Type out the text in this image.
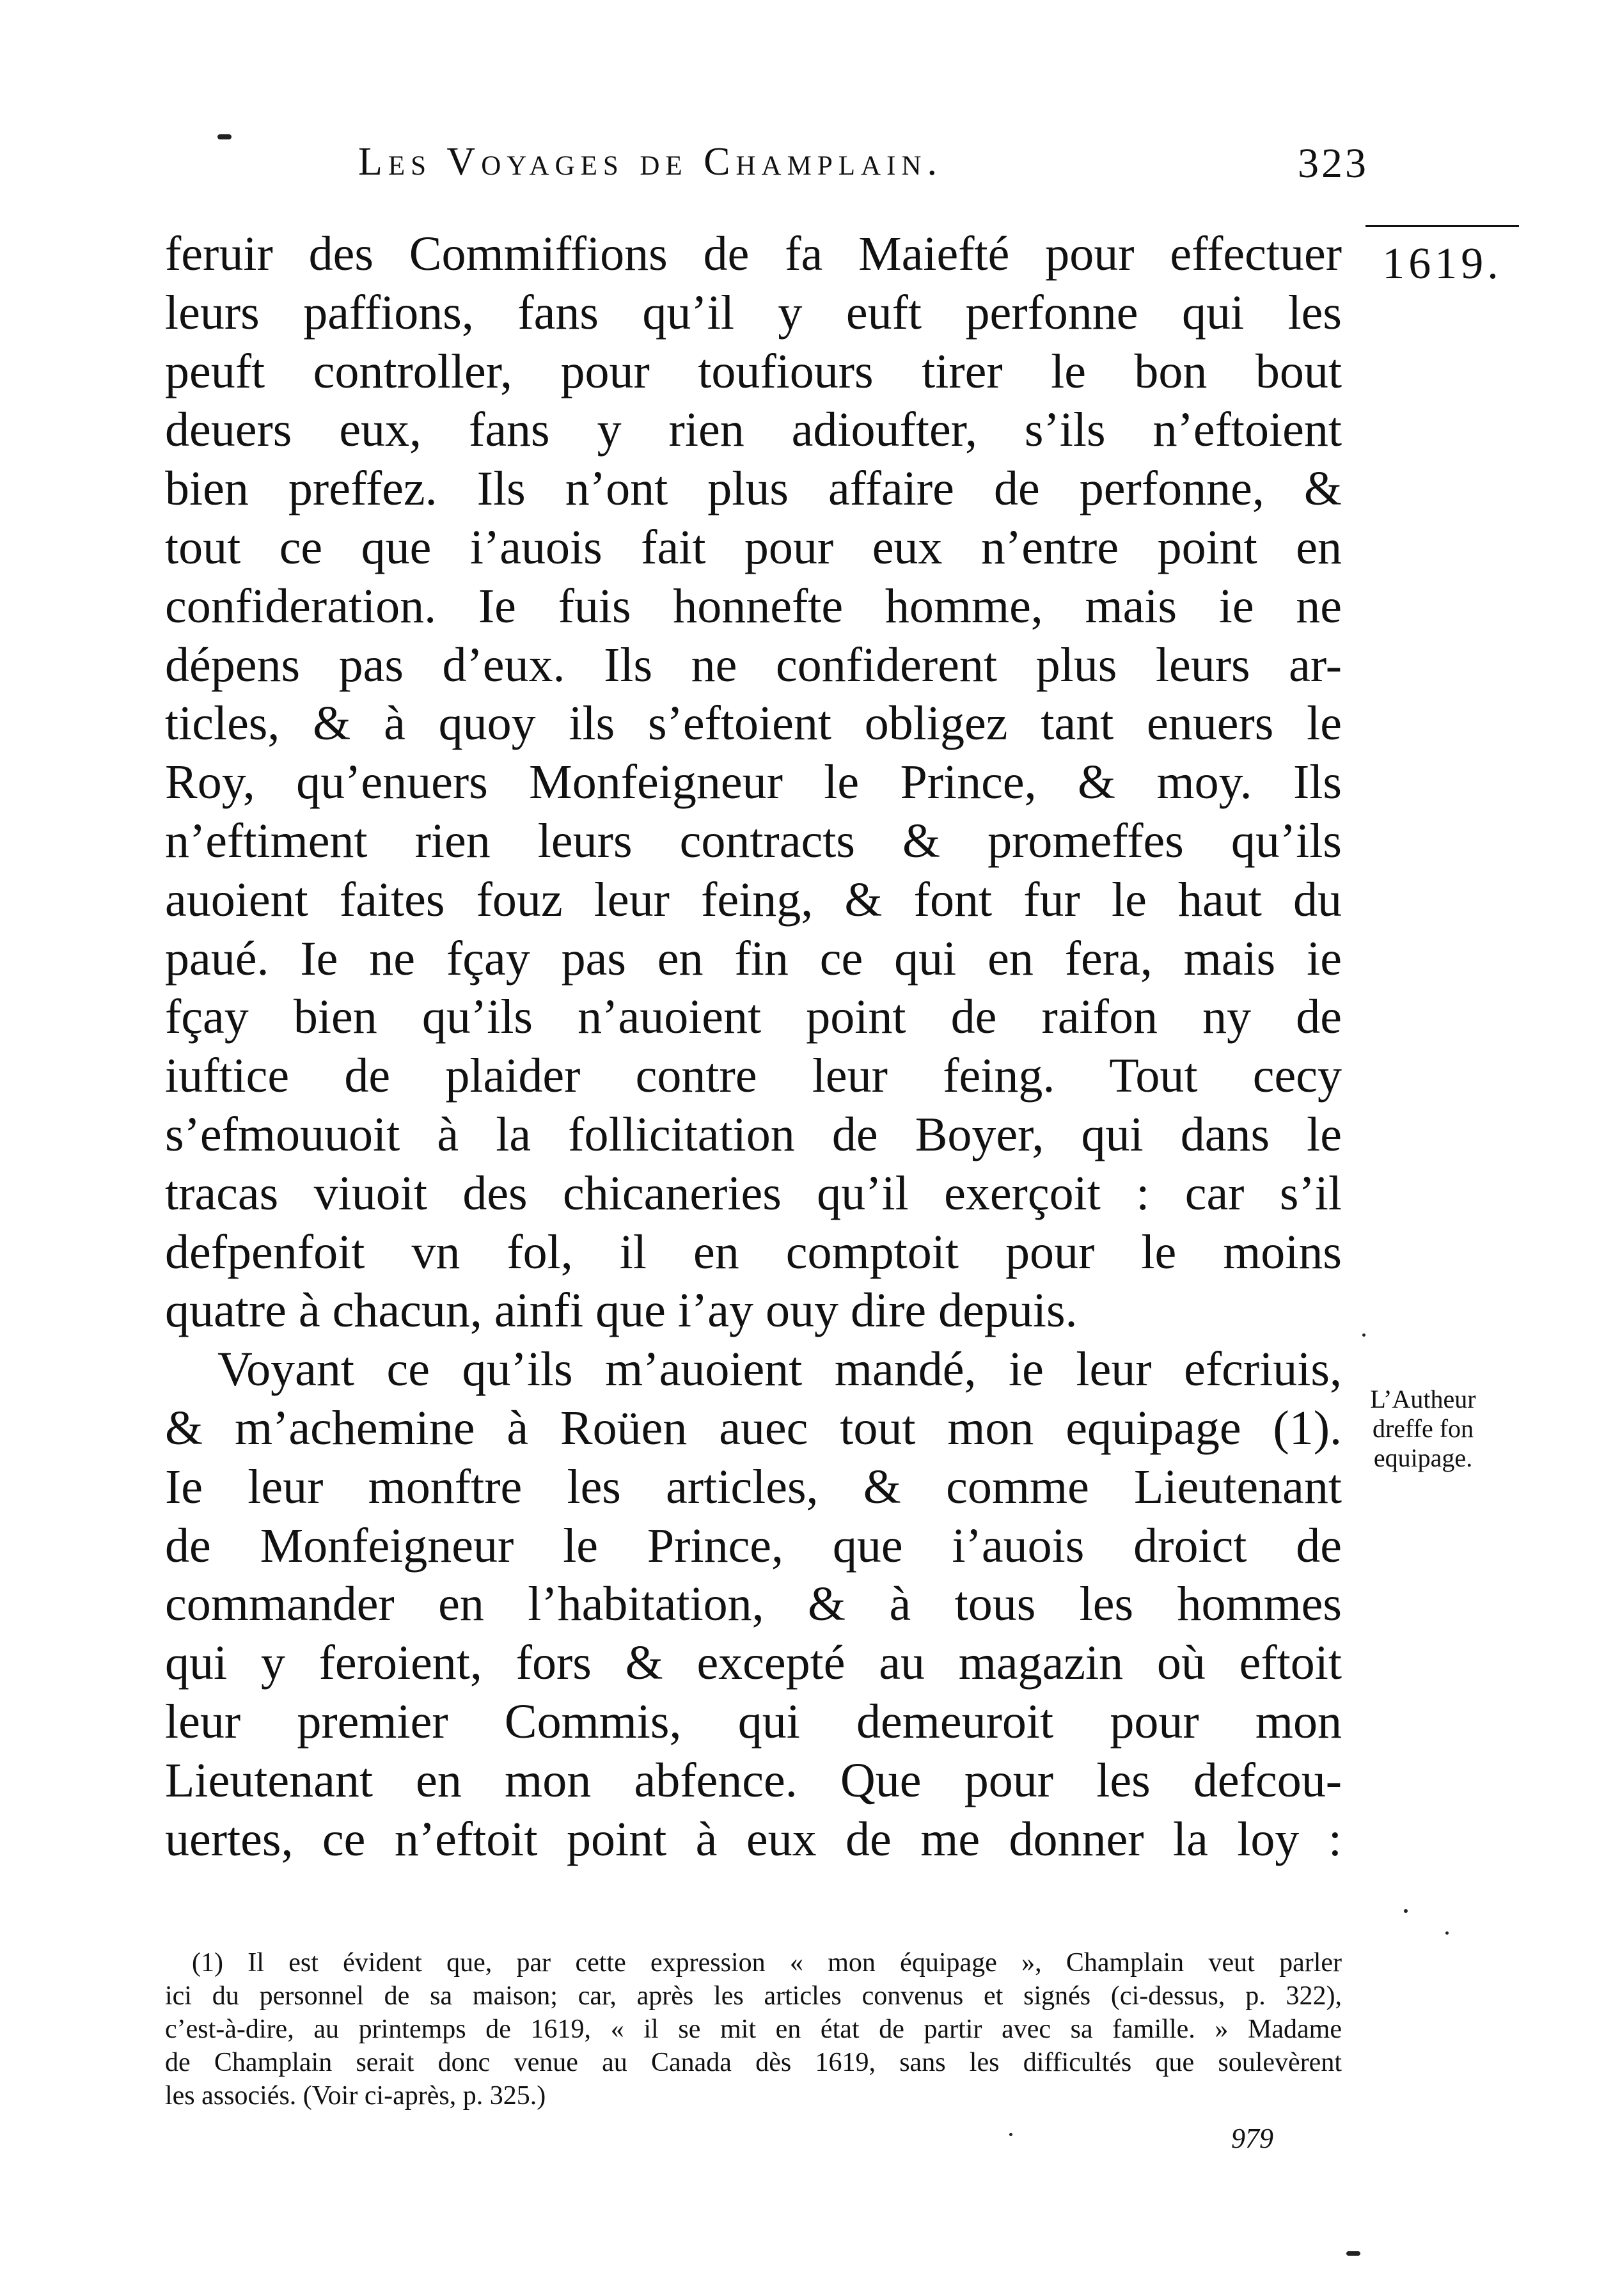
Les Voyages de Champlain.	323
1619.
feruir des Commiffions de fa Maiefté pour effectuer
leurs paffions, fans qu’il y euft perfonne qui les
peuft controller, pour toufiours tirer le bon bout
deuers eux, fans y rien adioufter, s’ils n’eftoient
bien preffez. Ils n’ont plus affaire de perfonne, &
tout ce que i’auois fait pour eux n’entre point en
confideration. Ie fuis honnefte homme, mais ie ne
dépens pas d’eux. Ils ne confiderent plus leurs ar-
ticles, & à quoy ils s’eftoient obligez tant enuers le
Roy, qu’enuers Monfeigneur le Prince, & moy. Ils
n’eftiment rien leurs contracts & promeffes qu’ils
auoient faites fouz leur feing, & font fur le haut du
paué. Ie ne fçay pas en fin ce qui en fera, mais ie
fçay bien qu’ils n’auoient point de raifon ny de
iuftice de plaider contre leur feing. Tout cecy
s’efmouuoit à la follicitation de Boyer, qui dans le
tracas viuoit des chicaneries qu’il exerçoit : car s’il
defpenfoit vn fol, il en comptoit pour le moins
quatre à chacun, ainfi que i’ay ouy dire depuis.
Voyant ce qu’ils m’auoient mandé, ie leur efcriuis,
& m’achemine à Roüen auec tout mon equipage (1).
Ie leur monftre les articles, & comme Lieutenant
de Monfeigneur le Prince, que i’auois droict de
commander en l’habitation, & à tous les hommes
qui y feroient, fors & excepté au magazin où eftoit
leur premier Commis, qui demeuroit pour mon
Lieutenant en mon abfence. Que pour les defcou-
uertes, ce n’eftoit point à eux de me donner la loy :
L’Autheur
dreffe fon
equipage.
(1) Il est évident que, par cette expression « mon équipage », Champlain veut parler
ici du personnel de sa maison; car, après les articles convenus et signés (ci-dessus, p. 322),
c’est-à-dire, au printemps de 1619, « il se mit en état de partir avec sa famille. » Madame
de Champlain serait donc venue au Canada dès 1619, sans les difficultés que soulevèrent
les associés. (Voir ci-après, p. 325.)
979
